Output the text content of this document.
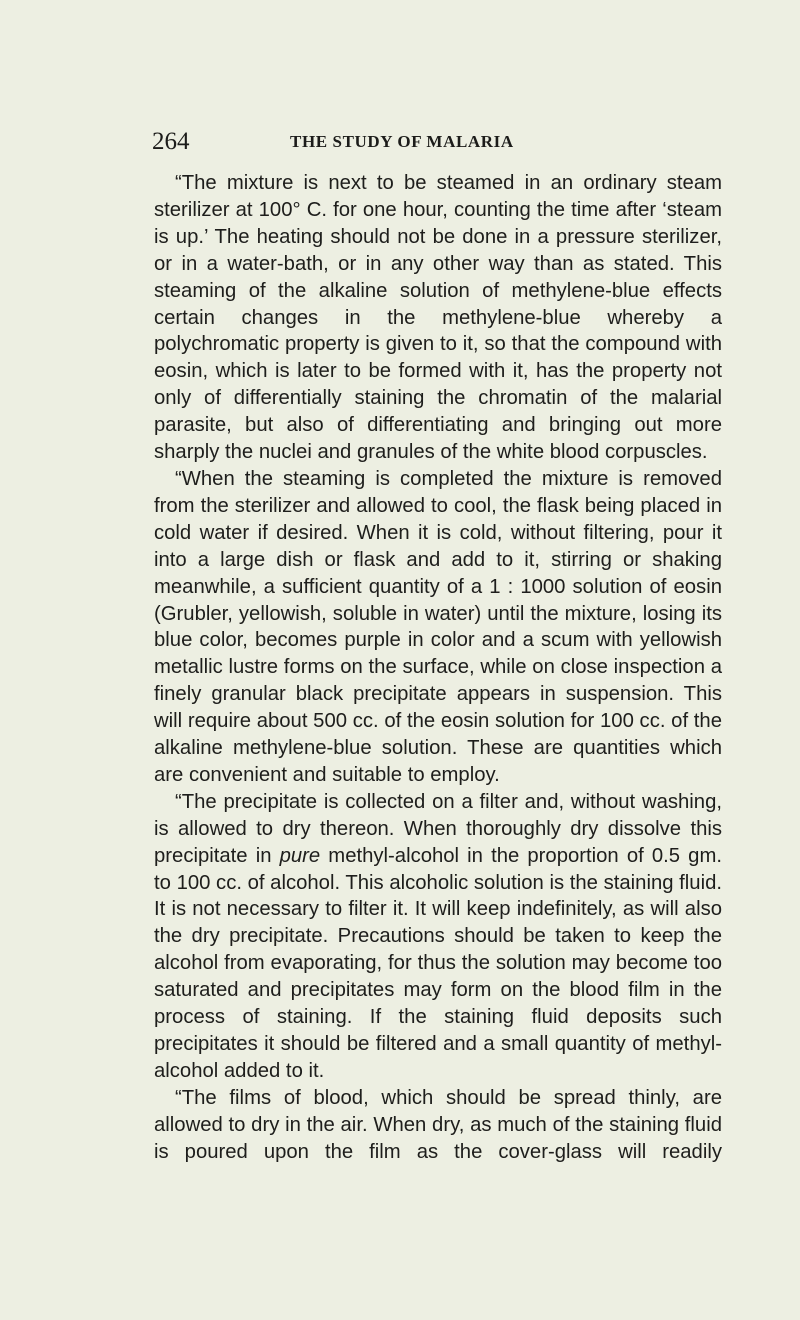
264	THE STUDY OF MALARIA

“The mixture is next to be steamed in an ordinary steam sterilizer at 100° C. for one hour, counting the time after ‘steam is up.’ The heating should not be done in a pressure sterilizer, or in a water-bath, or in any other way than as stated. This steaming of the alkaline solution of methylene-blue effects certain changes in the methylene-blue whereby a polychromatic property is given to it, so that the compound with eosin, which is later to be formed with it, has the property not only of differentially staining the chromatin of the malarial parasite, but also of differentiating and bringing out more sharply the nuclei and granules of the white blood corpuscles.

“When the steaming is completed the mixture is removed from the sterilizer and allowed to cool, the flask being placed in cold water if desired. When it is cold, without filtering, pour it into a large dish or flask and add to it, stirring or shaking meanwhile, a sufficient quantity of a 1 : 1000 solution of eosin (Grubler, yellowish, soluble in water) until the mixture, losing its blue color, becomes purple in color and a scum with yellowish metallic lustre forms on the surface, while on close inspection a finely granular black precipitate appears in suspension. This will require about 500 cc. of the eosin solution for 100 cc. of the alkaline methylene-blue solution. These are quantities which are convenient and suitable to employ.

“The precipitate is collected on a filter and, without washing, is allowed to dry thereon. When thoroughly dry dissolve this precipitate in pure methyl-alcohol in the proportion of 0.5 gm. to 100 cc. of alcohol. This alcoholic solution is the staining fluid. It is not necessary to filter it. It will keep indefinitely, as will also the dry precipitate. Precautions should be taken to keep the alcohol from evaporating, for thus the solution may become too saturated and precipitates may form on the blood film in the process of staining. If the staining fluid deposits such precipitates it should be filtered and a small quantity of methyl-alcohol added to it.

“The films of blood, which should be spread thinly, are allowed to dry in the air. When dry, as much of the staining fluid is poured upon the film as the cover-glass will readily
